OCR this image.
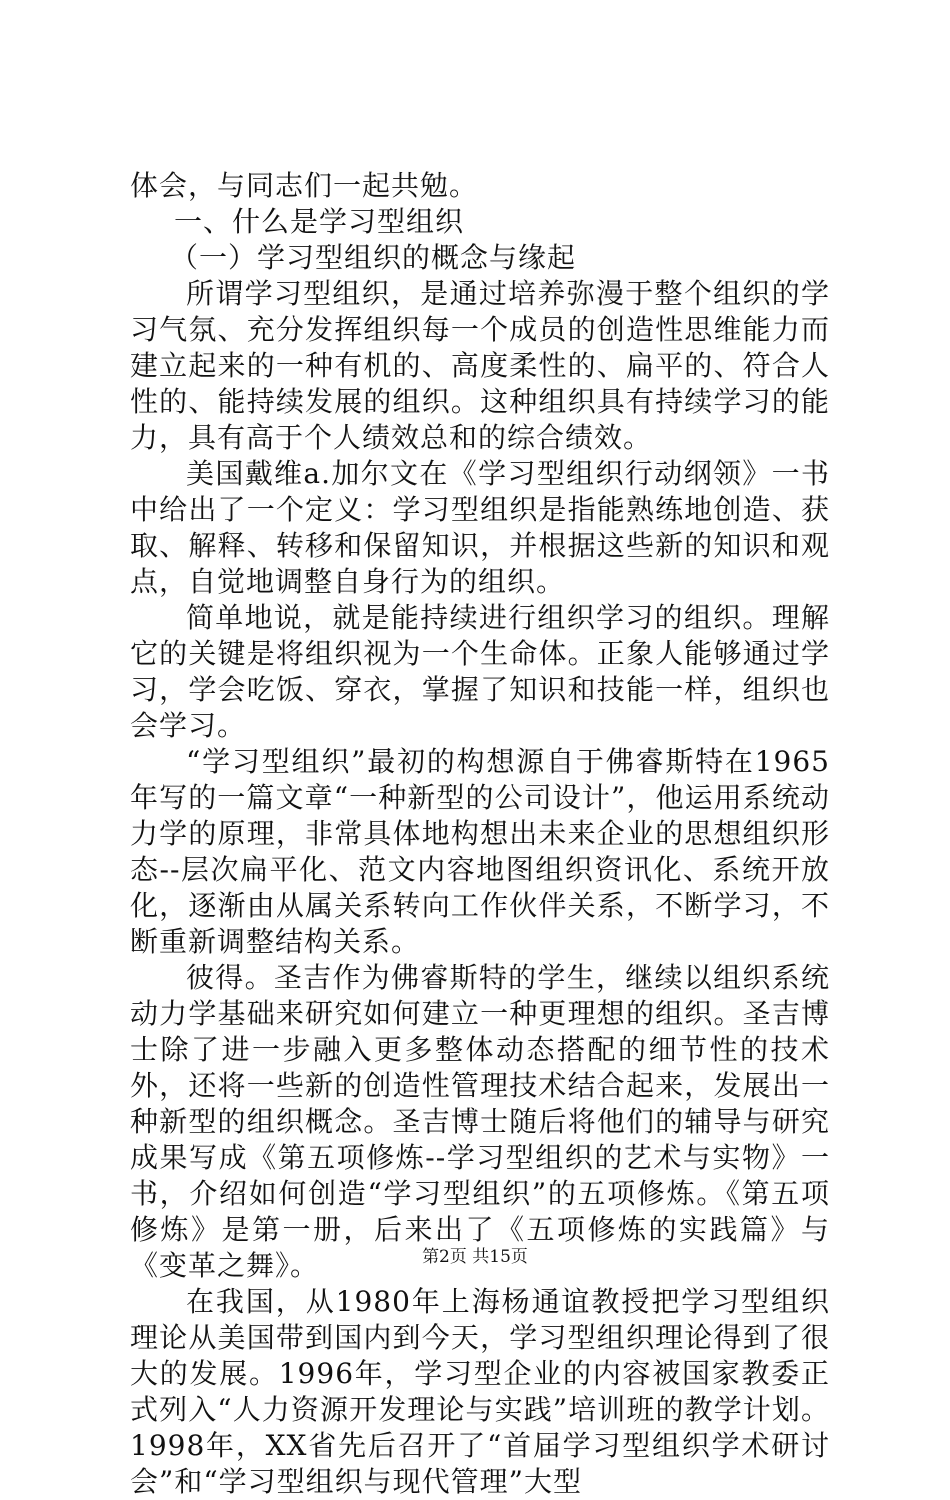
体会，与同志们一起共勉。

一、什么是学习型组织

（一）学习型组织的概念与缘起

所谓学习型组织，是通过培养弥漫于整个组织的学习气氛、充分发挥组织每一个成员的创造性思维能力而建立起来的一种有机的、高度柔性的、扁平的、符合人性的、能持续发展的组织。这种组织具有持续学习的能力，具有高于个人绩效总和的综合绩效。

美国戴维a.加尔文在《学习型组织行动纲领》一书中给出了一个定义：学习型组织是指能熟练地创造、获取、解释、转移和保留知识，并根据这些新的知识和观点，自觉地调整自身行为的组织。

简单地说，就是能持续进行组织学习的组织。理解它的关键是将组织视为一个生命体。正象人能够通过学习，学会吃饭、穿衣，掌握了知识和技能一样，组织也会学习。

“学习型组织”最初的构想源自于佛睿斯特在1965年写的一篇文章“一种新型的公司设计”，他运用系统动力学的原理，非常具体地构想出未来企业的思想组织形态--层次扁平化、范文内容地图组织资讯化、系统开放化，逐渐由从属关系转向工作伙伴关系，不断学习，不断重新调整结构关系。

彼得。圣吉作为佛睿斯特的学生，继续以组织系统动力学基础来研究如何建立一种更理想的组织。圣吉博士除了进一步融入更多整体动态搭配的细节性的技术外，还将一些新的创造性管理技术结合起来，发展出一种新型的组织概念。圣吉博士随后将他们的辅导与研究成果写成《第五项修炼--学习型组织的艺术与实物》一书，介绍如何创造“学习型组织”的五项修炼。《第五项修炼》是第一册，后来出了《五项修炼的实践篇》与《变革之舞》。

在我国，从1980年上海杨通谊教授把学习型组织理论从美国带到国内到今天，学习型组织理论得到了很大的发展。1996年，学习型企业的内容被国家教委正式列入“人力资源开发理论与实践”培训班的教学计划。1998年，XX省先后召开了“首届学习型组织学术研讨会”和“学习型组织与现代管理”大型

第2页 共15页
